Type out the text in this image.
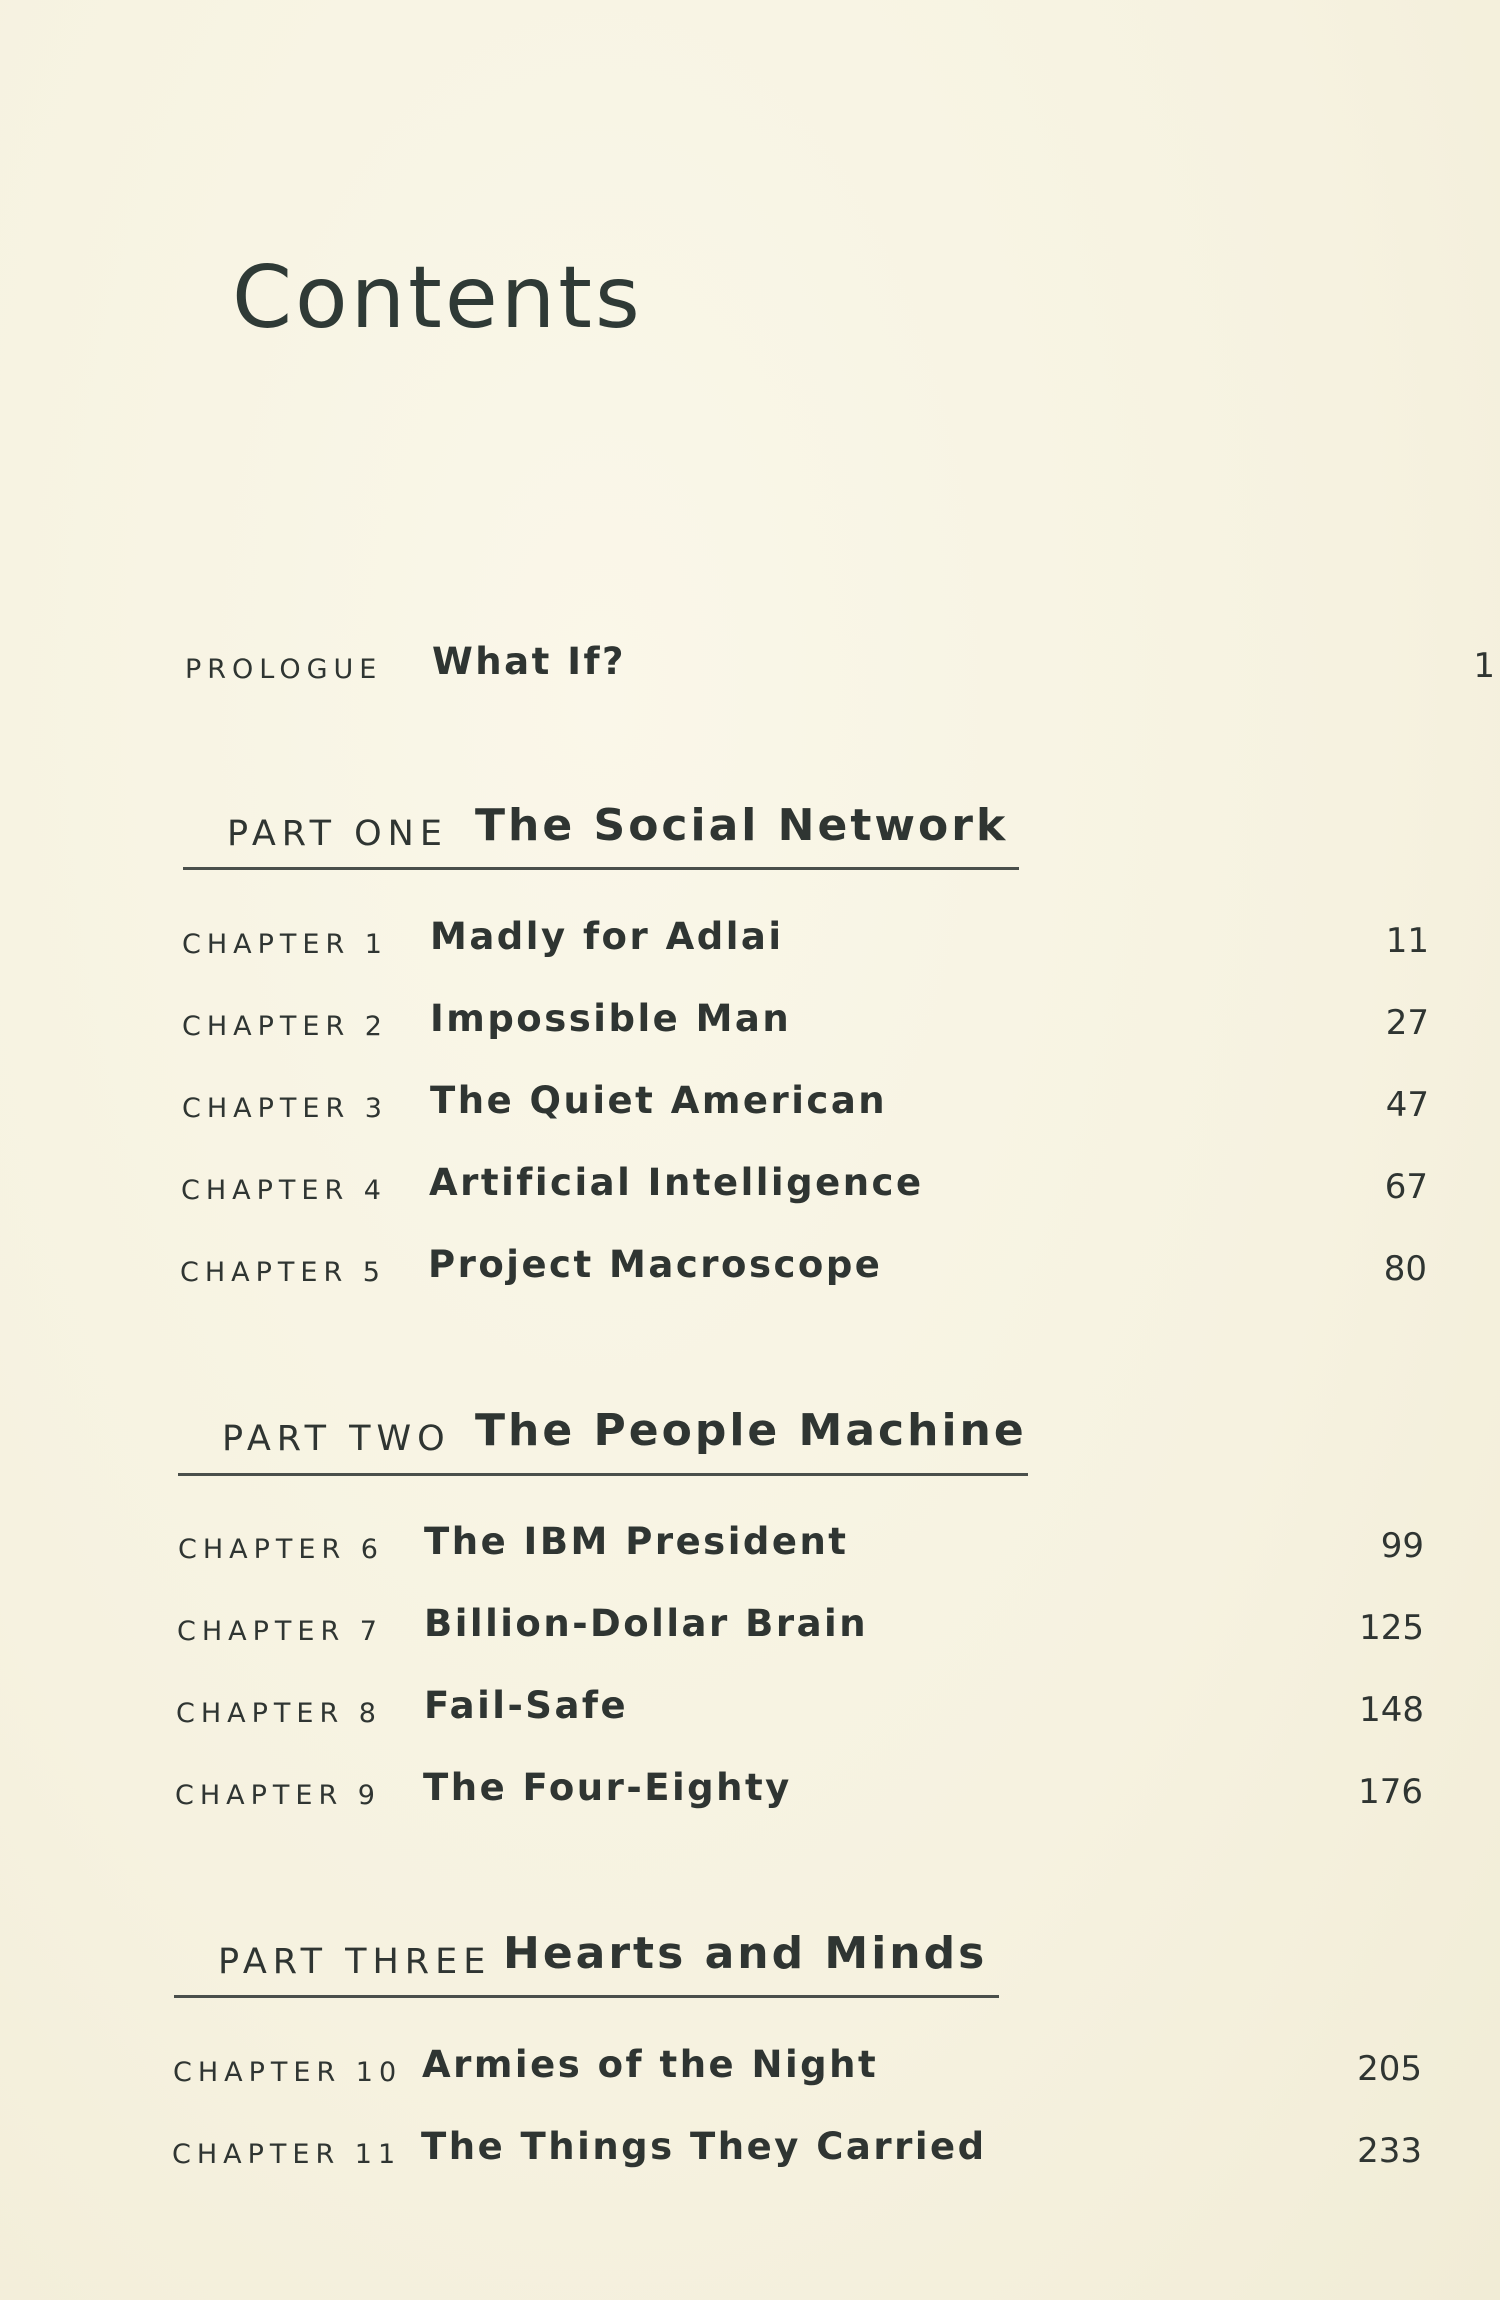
Contents
PROLOGUE What If?	1
PART ONE The Social Network
CHAPTER 1 Madly for Adlai	11
CHAPTER 2 Impossible Man	27
CHAPTER 3 The Quiet American	47
CHAPTER 4 Artificial Intelligence	67
CHAPTER 5 Project Macroscope	80
PART TWO The People Machine
CHAPTER 6 The IBM President	99
CHAPTER 7 Billion-Dollar Brain	125
CHAPTER 8 Fail-Safe	148
CHAPTER 9 The Four-Eighty	176
PART THREE Hearts and Minds
CHAPTER 10 Armies of the Night	205
CHAPTER 11 The Things They Carried	233
